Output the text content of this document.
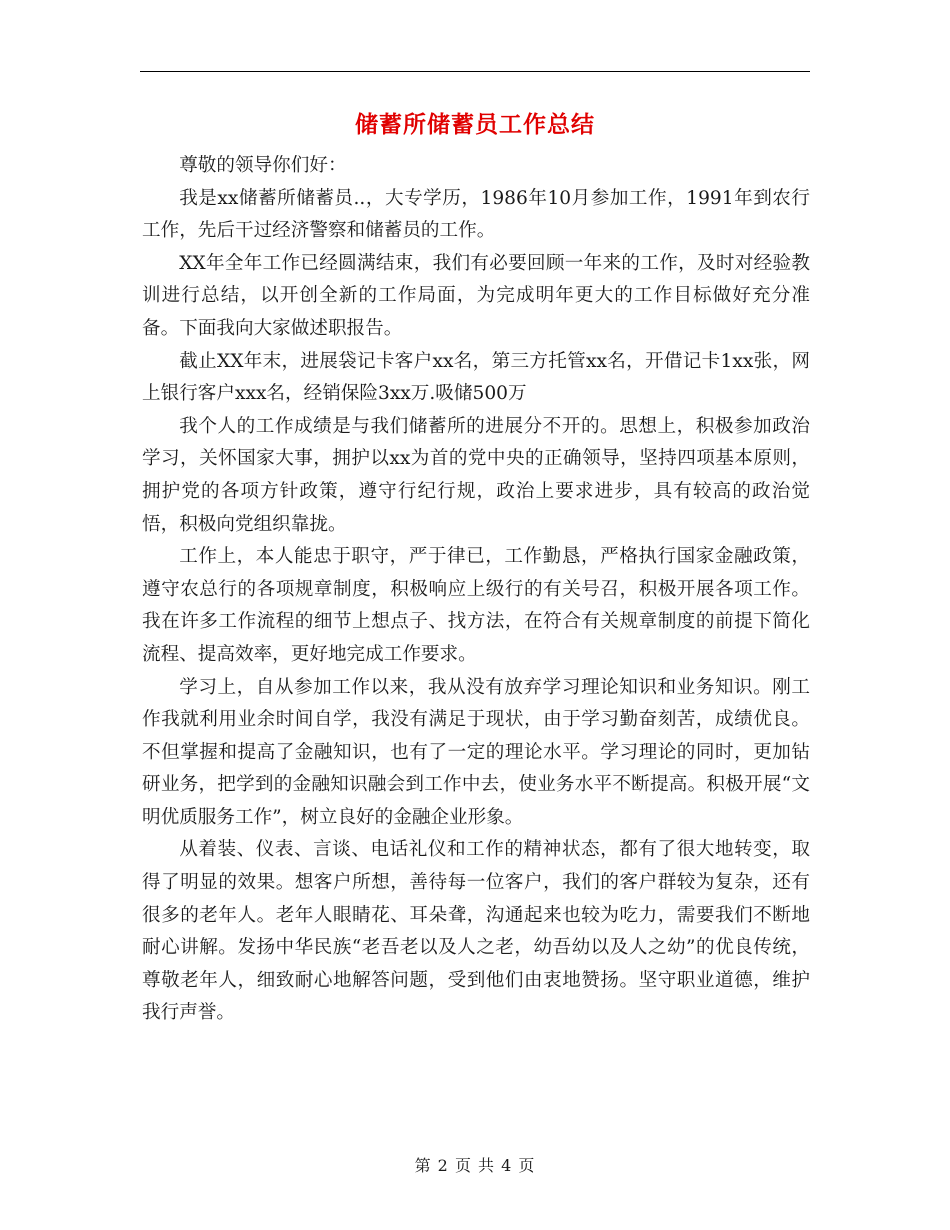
储蓄所储蓄员工作总结

尊敬的领导你们好：

我是xx储蓄所储蓄员..，大专学历，1986年10月参加工作，1991年到农行工作，先后干过经济警察和储蓄员的工作。

XX年全年工作已经圆满结束，我们有必要回顾一年来的工作，及时对经验教训进行总结，以开创全新的工作局面，为完成明年更大的工作目标做好充分准备。下面我向大家做述职报告。

截止XX年末，进展袋记卡客户xx名，第三方托管xx名，开借记卡1xx张，网上银行客户xxx名，经销保险3xx万.吸储500万

我个人的工作成绩是与我们储蓄所的进展分不开的。思想上，积极参加政治学习，关怀国家大事，拥护以xx为首的党中央的正确领导，坚持四项基本原则，拥护党的各项方针政策，遵守行纪行规，政治上要求进步，具有较高的政治觉悟，积极向党组织靠拢。

工作上，本人能忠于职守，严于律已，工作勤恳，严格执行国家金融政策，遵守农总行的各项规章制度，积极响应上级行的有关号召，积极开展各项工作。我在许多工作流程的细节上想点子、找方法，在符合有关规章制度的前提下简化流程、提高效率，更好地完成工作要求。

学习上，自从参加工作以来，我从没有放弃学习理论知识和业务知识。刚工作我就利用业余时间自学，我没有满足于现状，由于学习勤奋刻苦，成绩优良。不但掌握和提高了金融知识，也有了一定的理论水平。学习理论的同时，更加钻研业务，把学到的金融知识融会到工作中去，使业务水平不断提高。积极开展“文明优质服务工作”，树立良好的金融企业形象。

从着装、仪表、言谈、电话礼仪和工作的精神状态，都有了很大地转变，取得了明显的效果。想客户所想，善待每一位客户，我们的客户群较为复杂，还有很多的老年人。老年人眼睛花、耳朵聋，沟通起来也较为吃力，需要我们不断地耐心讲解。发扬中华民族“老吾老以及人之老，幼吾幼以及人之幼”的优良传统，尊敬老年人，细致耐心地解答问题，受到他们由衷地赞扬。坚守职业道德，维护我行声誉。

第 2 页 共 4 页
